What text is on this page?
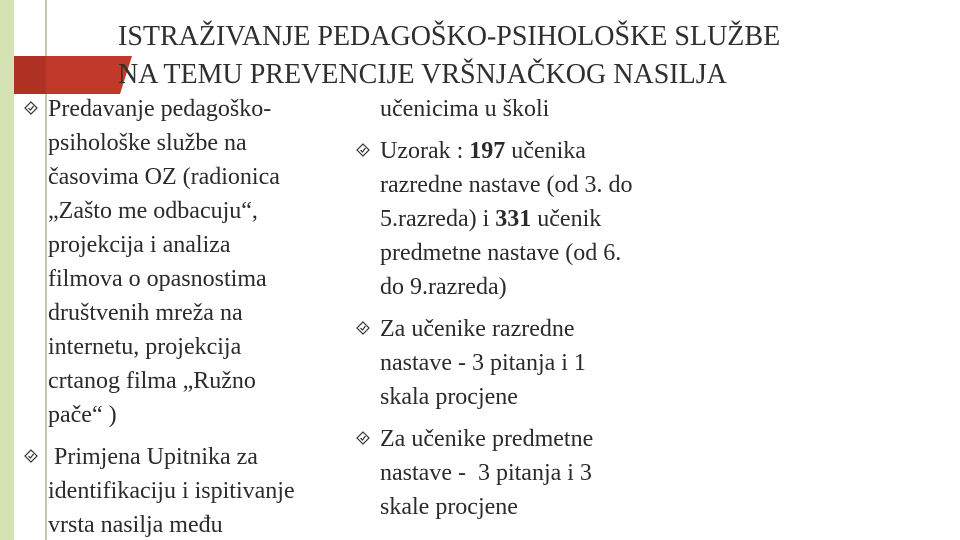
ISTRAŽIVANJE PEDAGOŠKO-PSIHOLOŠKE SLUŽBE
NA TEMU PREVENCIJE VRŠNJAČKOG NASILJA
Predavanje pedagoško-
psihološke službe na
časovima OZ (radionica
„Zašto me odbacuju“,
projekcija i analiza
filmova o opasnostima
društvenih mreža na
internetu, projekcija
crtanog filma „Ružno
pače“ )
Primjena Upitnika za
identifikaciju i ispitivanje
vrsta nasilja među
učenicima u školi
Uzorak : 197 učenika
razredne nastave (od 3. do
5.razreda) i 331 učenik
predmetne nastave (od 6.
do 9.razreda)
Za učenike razredne
nastave - 3 pitanja i 1
skala procjene
Za učenike predmetne
nastave -  3 pitanja i 3
skale procjene
